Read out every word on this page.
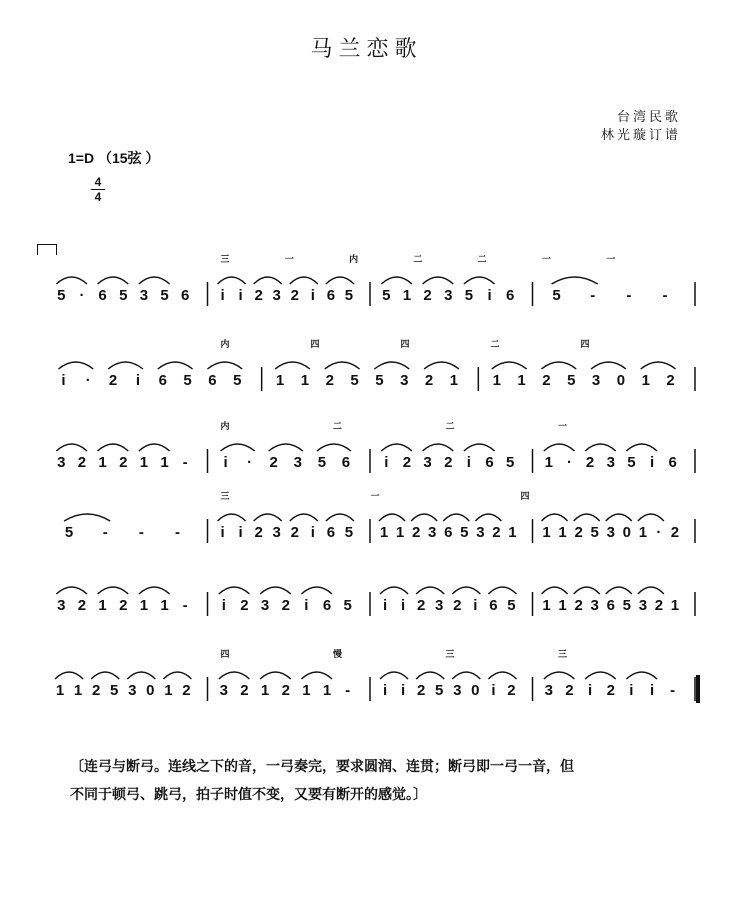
马兰恋歌
台湾民歌
林光璇订谱
1=D （15弦 ）
4
4
5 · 6 5 3 5 6 i i 2 3 2 i 6 5 5 1 2 3 5 i 6	5 - - -
三	一	内	二	二	一	一
i · 2 i 6 5 6 5 1 1 2 5 5 3 2 1 1 1 2 5 3 0 1 2
内	四	四	二	四
3 2 1 2 1 1 - i · 2 3 5 6 i 2 3 2 i 6 5 1 · 2 3 5 i 6
内	二	二	一
5 - - -	i i 2 3 2 i 6 5 1 1 2 3 6 5 3 2 1 1 1 2 5 3 0 1 · 2
三	一	四
3 2 1 2 1 1 - i 2 3 2 i 6 5 i i 2 3 2 i 6 5 1 1 2 3 6 5 3 2 1
1 1 2 5 3 0 1 2 3 2 1 2 1 1 - i i 2 5 3 0 i 2 3 2 i 2 i i -
四	慢	三	三
〔连弓与断弓。连线之下的音，一弓奏完，要求圆润、连贯；断弓即一弓一音，但
不同于顿弓、跳弓，拍子时值不变，又要有断开的感觉。〕
